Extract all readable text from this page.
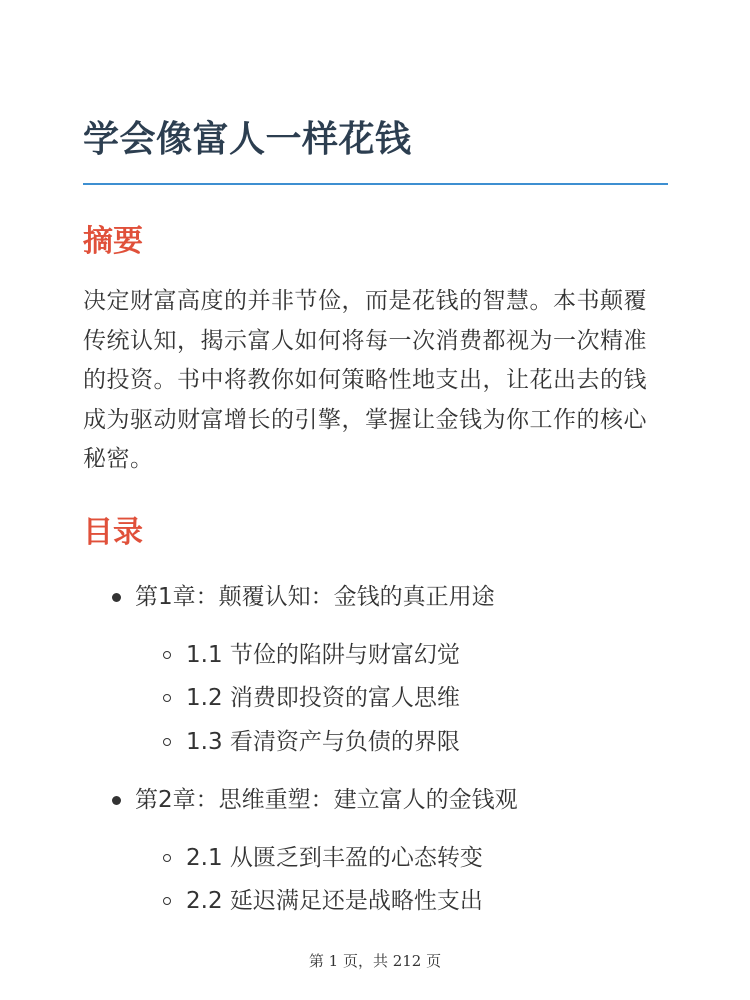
学会像富人一样花钱
摘要

决定财富高度的并非节俭，而是花钱的智慧。本书颠覆传统认知，揭示富人如何将每一次消费都视为一次精准的投资。书中将教你如何策略性地支出，让花出去的钱成为驱动财富增长的引擎，掌握让金钱为你工作的核心秘密。

目录
第1章：颠覆认知：金钱的真正用途
1.1 节俭的陷阱与财富幻觉
1.2 消费即投资的富人思维
1.3 看清资产与负债的界限
第2章：思维重塑：建立富人的金钱观
2.1 从匮乏到丰盈的心态转变
2.2 延迟满足还是战略性支出
第 1 页，共 212 页
